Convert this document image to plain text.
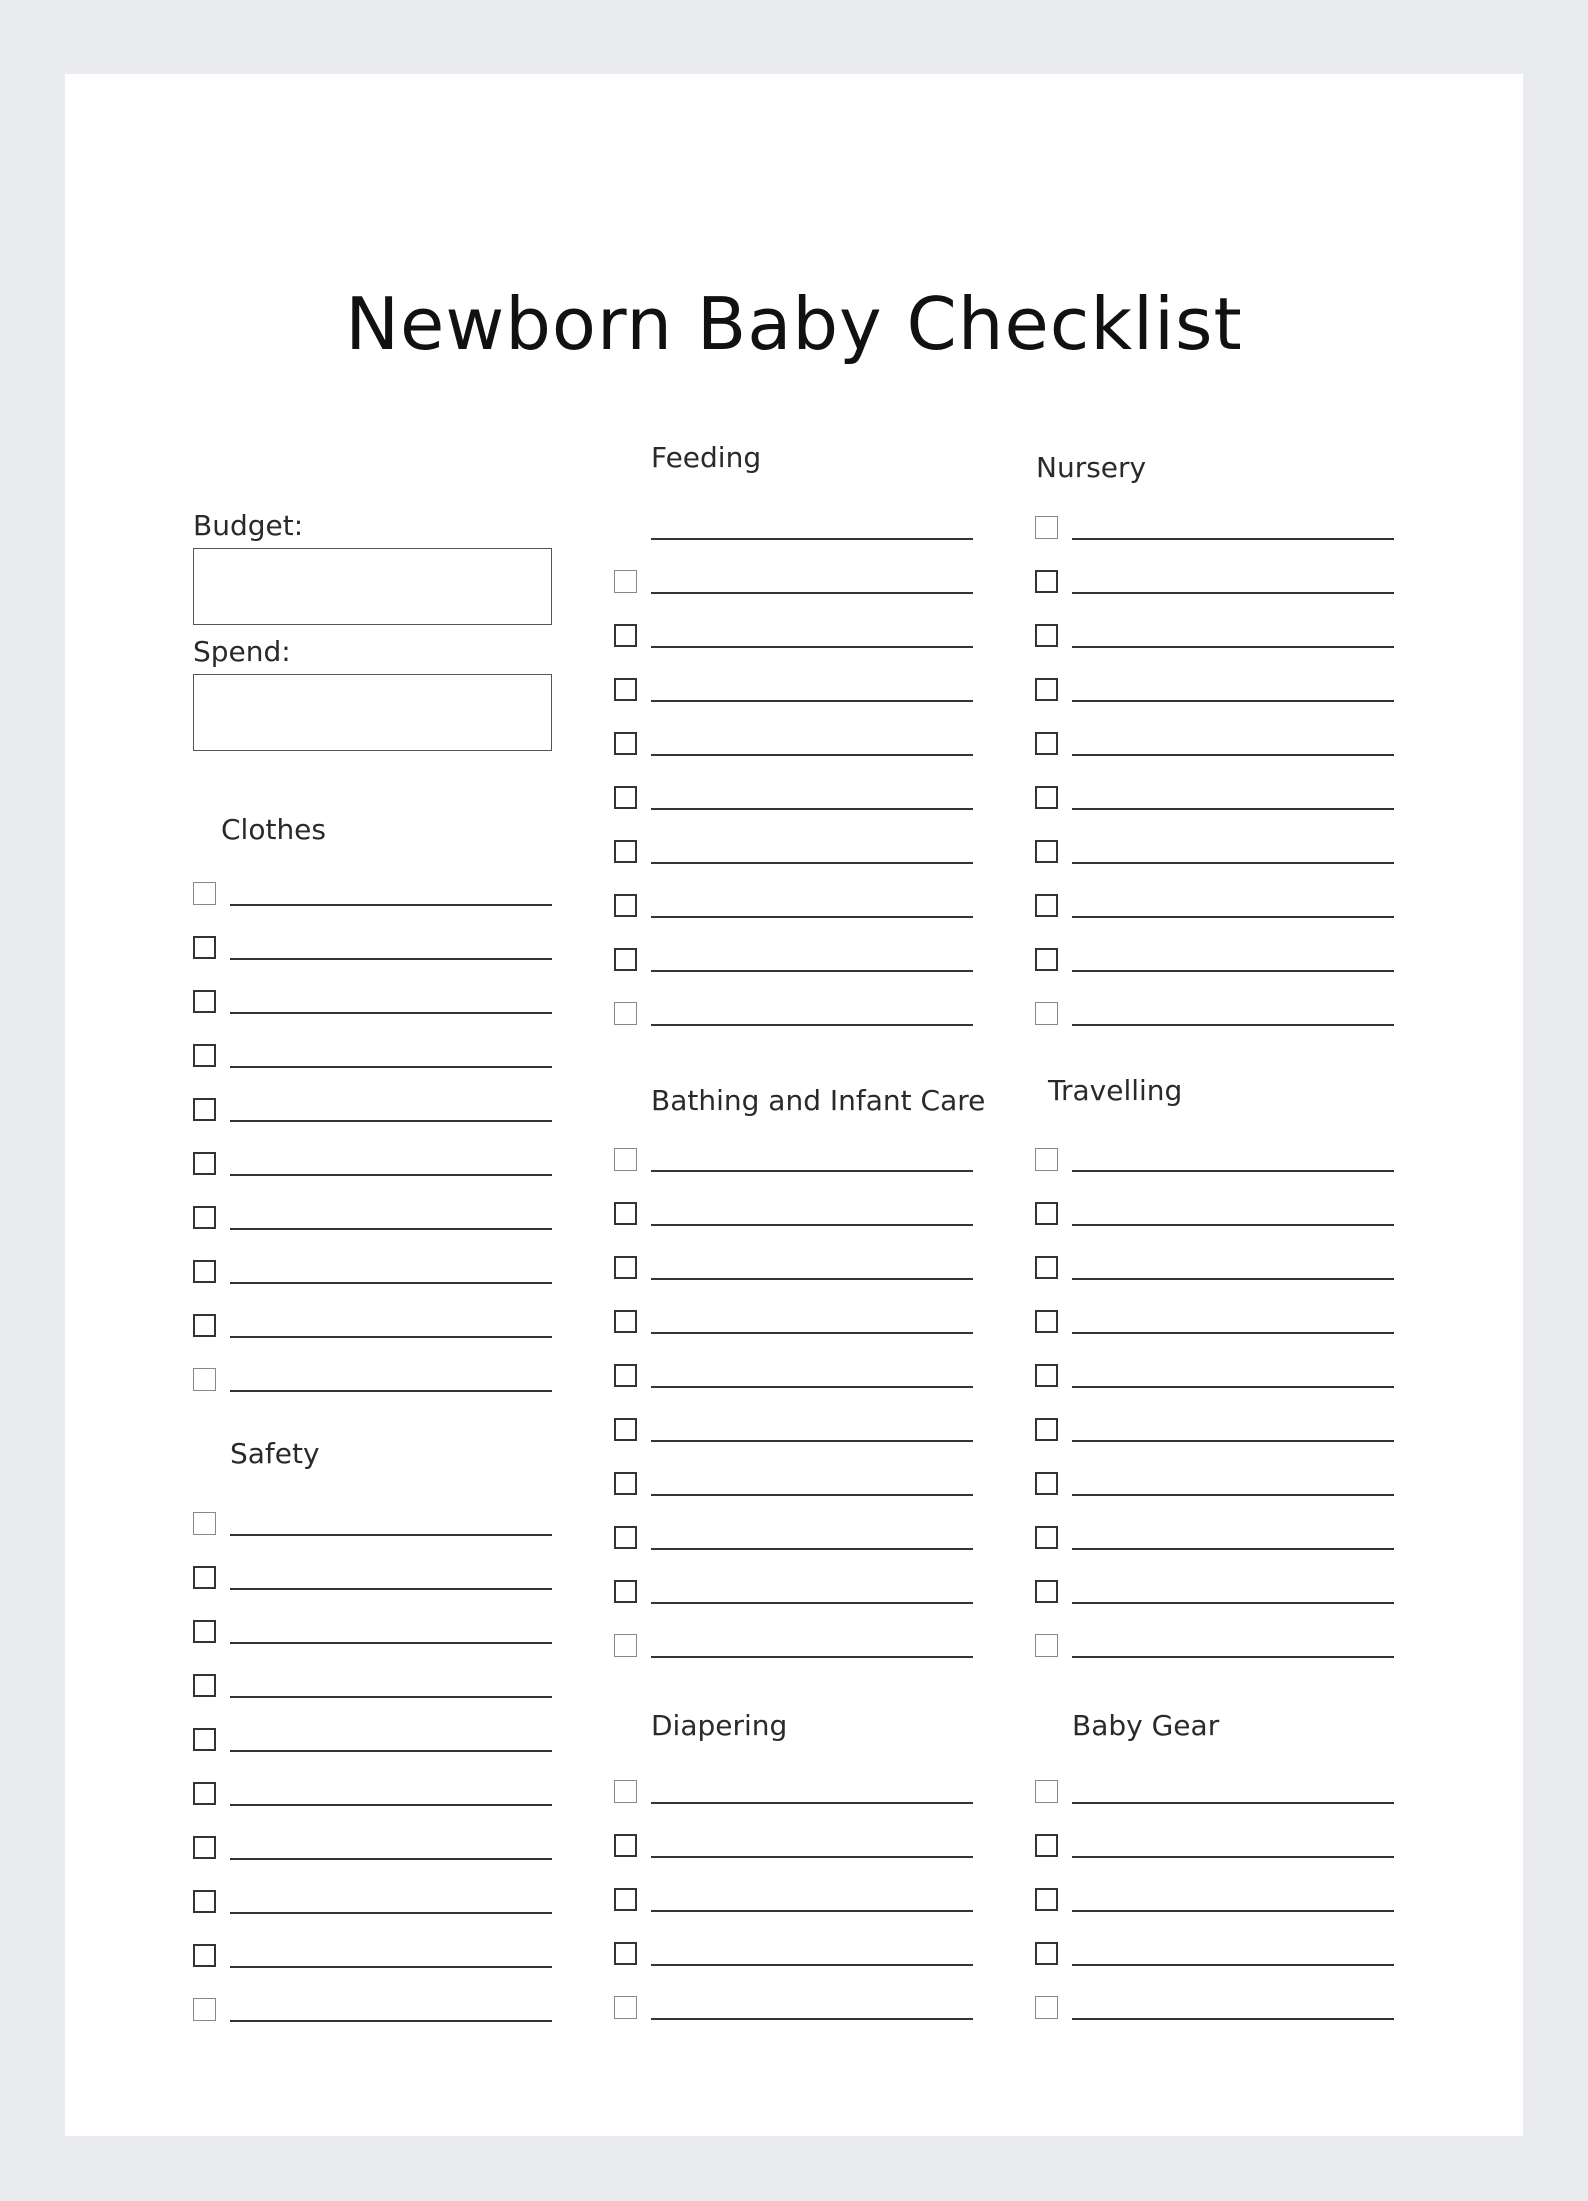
Newborn Baby Checklist
Budget:
Spend:
Clothes
Safety
Feeding
Bathing and Infant Care
Diapering
Nursery
Travelling
Baby Gear
